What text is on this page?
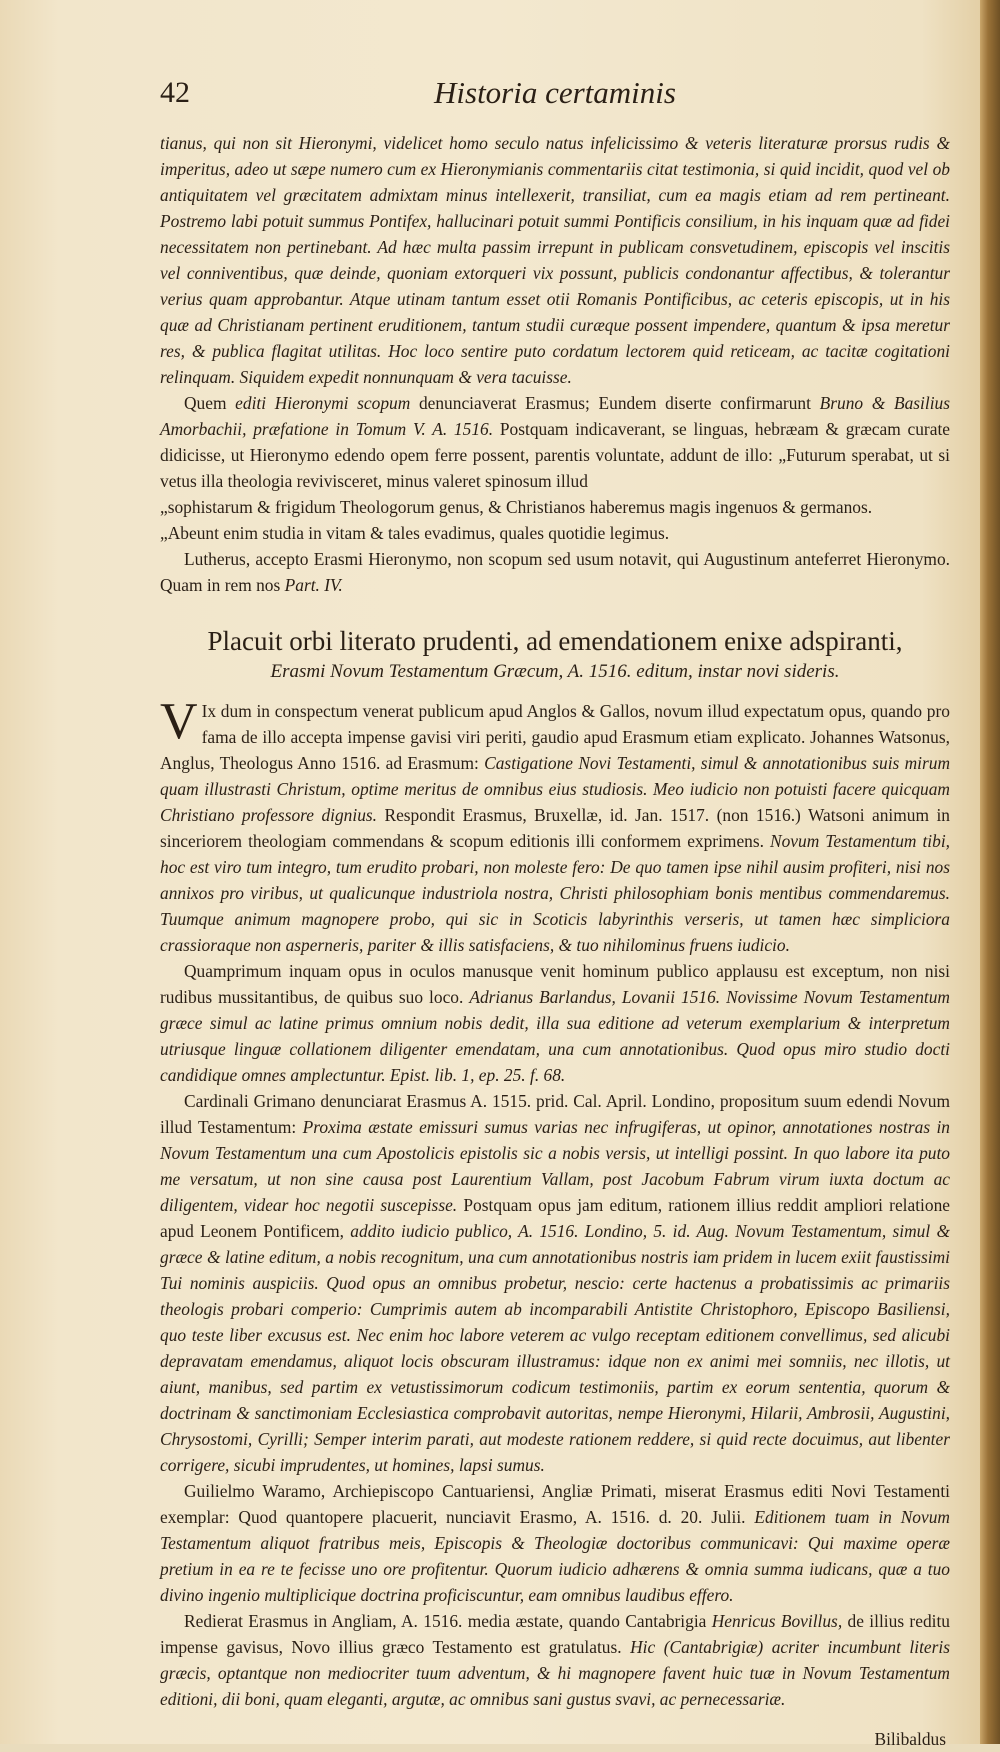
42	Historia certaminis

tianus, qui non sit Hieronymi, videlicet homo seculo natus infelicissimo & veteris literaturæ prorsus rudis & imperitus, adeo ut sæpe numero cum ex Hieronymianis commentariis citat testimonia, si quid incidit, quod vel ob antiquitatem vel græcitatem admixtam minus intellexerit, transiliat, cum ea magis etiam ad rem pertineant. Postremo labi potuit summus Pontifex, hallucinari potuit summi Pontificis consilium, in his inquam quæ ad fidei necessitatem non pertinebant. Ad hæc multa passim irrepunt in publicam consvetudinem, episcopis vel inscitis vel conniventibus, quæ deinde, quoniam extorqueri vix possunt, publicis condonantur affectibus, & tolerantur verius quam approbantur. Atque utinam tantum esset otii Romanis Pontificibus, ac ceteris episcopis, ut in his quæ ad Christianam pertinent eruditionem, tantum studii curæque possent impendere, quantum & ipsa meretur res, & publica flagitat utilitas. Hoc loco sentire puto cordatum lectorem quid reticeam, ac tacitæ cogitationi relinquam. Siquidem expedit nonnunquam & vera tacuisse.

Quem editi Hieronymi scopum denunciaverat Erasmus; Eundem diserte confirmarunt Bruno & Basilius Amorbachii, præfatione in Tomum V. A. 1516. Postquam indicaverant, se linguas, hebræam & græcam curate didicisse, ut Hieronymo edendo opem ferre possent, parentis voluntate, addunt de illo: „Futurum sperabat, ut si vetus illa theologia revivisceret, minus valeret spinosum illud
„sophistarum & frigidum Theologorum genus, & Christianos haberemus magis ingenuos & germanos.
„Abeunt enim studia in vitam & tales evadimus, quales quotidie legimus.

Lutherus, accepto Erasmi Hieronymo, non scopum sed usum notavit, qui Augustinum anteferret Hieronymo. Quam in rem nos Part. IV.

Placuit orbi literato prudenti, ad emendationem enixe adspiranti,
Erasmi Novum Testamentum Græcum, A. 1516. editum, instar novi sideris.

V Ix dum in conspectum venerat publicum apud Anglos & Gallos, novum illud expectatum opus, quando pro fama de illo accepta impense gavisi viri periti, gaudio apud Erasmum etiam explicato. Johannes Watsonus, Anglus, Theologus Anno 1516. ad Erasmum: Castigatione Novi Testamenti, simul & annotationibus suis mirum quam illustrasti Christum, optime meritus de omnibus eius studiosis. Meo iudicio non potuisti facere quicquam Christiano professore dignius. Respondit Erasmus, Bruxellæ, id. Jan. 1517. (non 1516.) Watsoni animum in sinceriorem theologiam commendans & scopum editionis illi conformem exprimens. Novum Testamentum tibi, hoc est viro tum integro, tum erudito probari, non moleste fero: De quo tamen ipse nihil ausim profiteri, nisi nos annixos pro viribus, ut qualicunque industriola nostra, Christi philosophiam bonis mentibus commendaremus. Tuumque animum magnopere probo, qui sic in Scoticis labyrinthis verseris, ut tamen hæc simpliciora crassioraque non asperneris, pariter & illis satisfaciens, & tuo nihilominus fruens iudicio.

Quamprimum inquam opus in oculos manusque venit hominum publico applausu est exceptum, non nisi rudibus mussitantibus, de quibus suo loco. Adrianus Barlandus, Lovanii 1516. Novissime Novum Testamentum græce simul ac latine primus omnium nobis dedit, illa sua editione ad veterum exemplarium & interpretum utriusque linguæ collationem diligenter emendatam, una cum annotationibus. Quod opus miro studio docti candidique omnes amplectuntur. Epist. lib. 1, ep. 25. f. 68.

Cardinali Grimano denunciarat Erasmus A. 1515. prid. Cal. April. Londino, propositum suum edendi Novum illud Testamentum: Proxima æstate emissuri sumus varias nec infrugiferas, ut opinor, annotationes nostras in Novum Testamentum una cum Apostolicis epistolis sic a nobis versis, ut intelligi possint. In quo labore ita puto me versatum, ut non sine causa post Laurentium Vallam, post Jacobum Fabrum virum iuxta doctum ac diligentem, videar hoc negotii suscepisse. Postquam opus jam editum, rationem illius reddit ampliori relatione apud Leonem Pontificem, addito iudicio publico, A. 1516. Londino, 5. id. Aug. Novum Testamentum, simul & græce & latine editum, a nobis recognitum, una cum annotationibus nostris iam pridem in lucem exiit faustissimi Tui nominis auspiciis. Quod opus an omnibus probetur, nescio: certe hactenus a probatissimis ac primariis theologis probari comperio: Cumprimis autem ab incomparabili Antistite Christophoro, Episcopo Basiliensi, quo teste liber excusus est. Nec enim hoc labore veterem ac vulgo receptam editionem convellimus, sed alicubi depravatam emendamus, aliquot locis obscuram illustramus: idque non ex animi mei somniis, nec illotis, ut aiunt, manibus, sed partim ex vetustissimorum codicum testimoniis, partim ex eorum sententia, quorum & doctrinam & sanctimoniam Ecclesiastica comprobavit autoritas, nempe Hieronymi, Hilarii, Ambrosii, Augustini, Chrysostomi, Cyrilli; Semper interim parati, aut modeste rationem reddere, si quid recte docuimus, aut libenter corrigere, sicubi imprudentes, ut homines, lapsi sumus.

Guilielmo Waramo, Archiepiscopo Cantuariensi, Angliæ Primati, miserat Erasmus editi Novi Testamenti exemplar: Quod quantopere placuerit, nunciavit Erasmo, A. 1516. d. 20. Julii. Editionem tuam in Novum Testamentum aliquot fratribus meis, Episcopis & Theologiæ doctoribus communicavi: Qui maxime operæ pretium in ea re te fecisse uno ore profitentur. Quorum iudicio adhærens & omnia summa iudicans, quæ a tuo divino ingenio multiplicique doctrina proficiscuntur, eam omnibus laudibus effero.

Redierat Erasmus in Angliam, A. 1516. media æstate, quando Cantabrigia Henricus Bovillus, de illius reditu impense gavisus, Novo illius græco Testamento est gratulatus. Hic (Cantabrigiæ) acriter incumbunt literis græcis, optantque non mediocriter tuum adventum, & hi magnopere favent huic tuæ in Novum Testamentum editioni, dii boni, quam eleganti, argutæ, ac omnibus sani gustus svavi, ac pernecessariæ.

Bilibaldus
